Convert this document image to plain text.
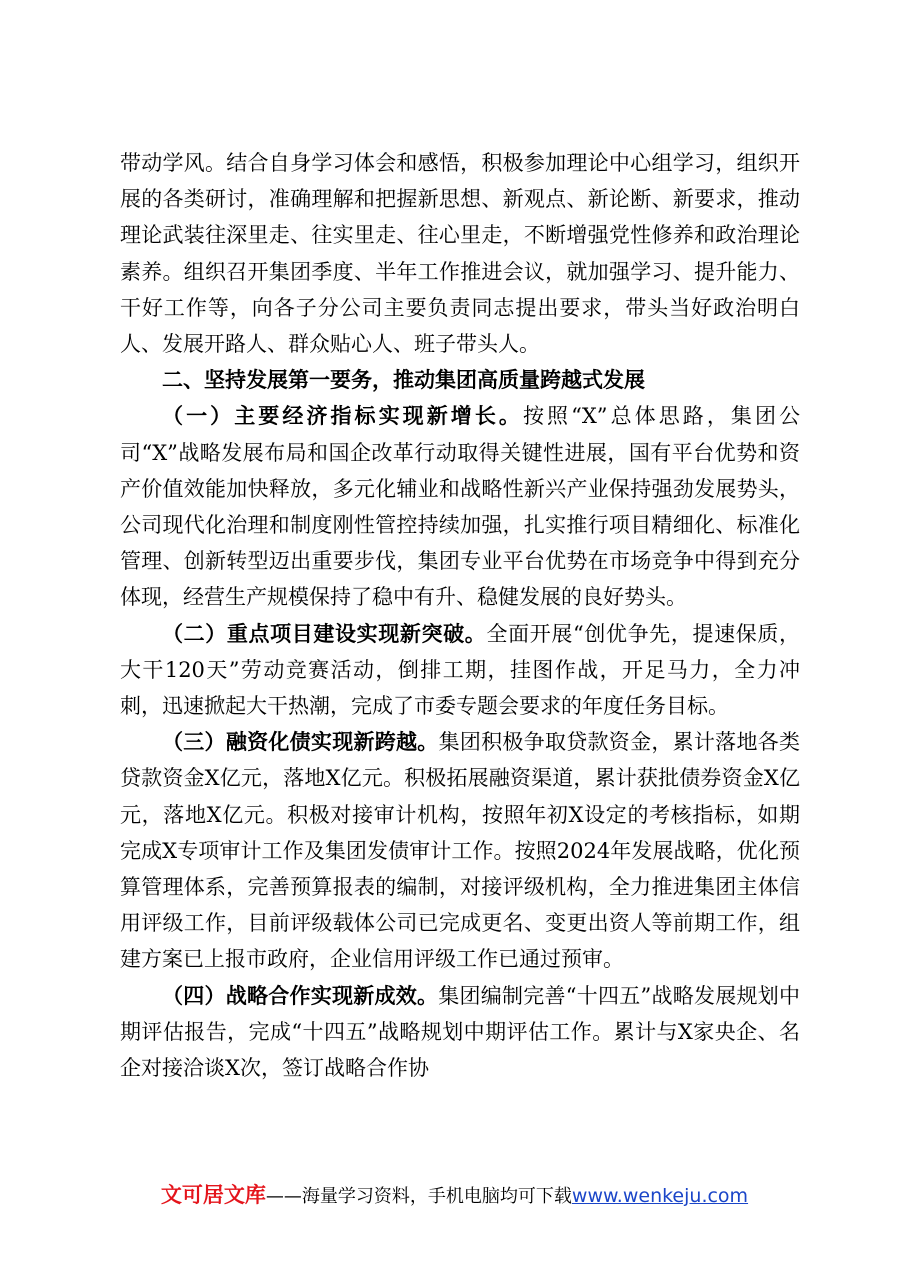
带动学风。结合自身学习体会和感悟，积极参加理论中心组学习，组织开展的各类研讨，准确理解和把握新思想、新观点、新论断、新要求，推动理论武装往深里走、往实里走、往心里走，不断增强党性修养和政治理论素养。组织召开集团季度、半年工作推进会议，就加强学习、提升能力、干好工作等，向各子分公司主要负责同志提出要求，带头当好政治明白人、发展开路人、群众贴心人、班子带头人。

二、坚持发展第一要务，推动集团高质量跨越式发展

（一）主要经济指标实现新增长。按照“X”总体思路，集团公司“X”战略发展布局和国企改革行动取得关键性进展，国有平台优势和资产价值效能加快释放，多元化辅业和战略性新兴产业保持强劲发展势头，公司现代化治理和制度刚性管控持续加强，扎实推行项目精细化、标准化管理、创新转型迈出重要步伐，集团专业平台优势在市场竞争中得到充分体现，经营生产规模保持了稳中有升、稳健发展的良好势头。

（二）重点项目建设实现新突破。全面开展“创优争先，提速保质，大干120天”劳动竞赛活动，倒排工期，挂图作战，开足马力，全力冲刺，迅速掀起大干热潮，完成了市委专题会要求的年度任务目标。

（三）融资化债实现新跨越。集团积极争取贷款资金，累计落地各类贷款资金X亿元，落地X亿元。积极拓展融资渠道，累计获批债券资金X亿元，落地X亿元。积极对接审计机构，按照年初X设定的考核指标，如期完成X专项审计工作及集团发债审计工作。按照2024年发展战略，优化预算管理体系，完善预算报表的编制，对接评级机构，全力推进集团主体信用评级工作，目前评级载体公司已完成更名、变更出资人等前期工作，组建方案已上报市政府，企业信用评级工作已通过预审。

（四）战略合作实现新成效。集团编制完善“十四五”战略发展规划中期评估报告，完成“十四五”战略规划中期评估工作。累计与X家央企、名企对接洽谈X次，签订战略合作协

文可居文库——海量学习资料，手机电脑均可下载www.wenkeju.com
